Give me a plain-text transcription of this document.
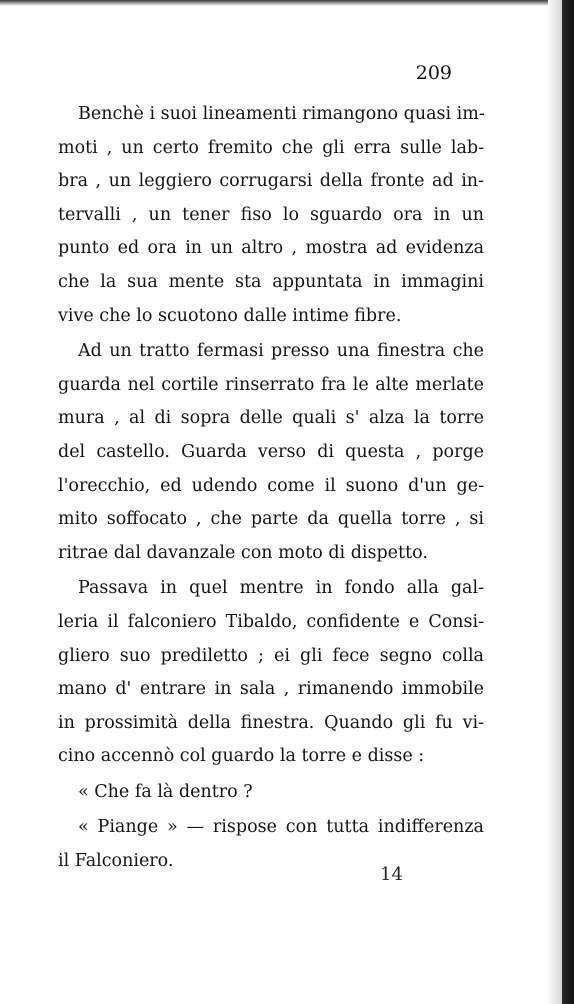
209

Benchè i suoi lineamenti rimangono quasi im-
moti , un certo fremito che gli erra sulle lab-
bra , un leggiero corrugarsi della fronte ad in-
tervalli , un tener fiso lo sguardo ora in un
punto ed ora in un altro , mostra ad evidenza
che la sua mente sta appuntata in immagini
vive che lo scuotono dalle intime fibre.

Ad un tratto fermasi presso una finestra che
guarda nel cortile rinserrato fra le alte merlate
mura , al di sopra delle quali s' alza la torre
del castello. Guarda verso di questa , porge
l'orecchio, ed udendo come il suono d'un ge-
mito soffocato , che parte da quella torre , si
ritrae dal davanzale con moto di dispetto.

Passava in quel mentre in fondo alla gal-
leria il falconiero Tibaldo, confidente e Consi-
gliero suo prediletto ; ei gli fece segno colla
mano d' entrare in sala , rimanendo immobile
in prossimità della finestra. Quando gli fu vi-
cino accennò col guardo la torre e disse :

« Che fa là dentro ?

« Piange » — rispose con tutta indifferenza
il Falconiero.

14
